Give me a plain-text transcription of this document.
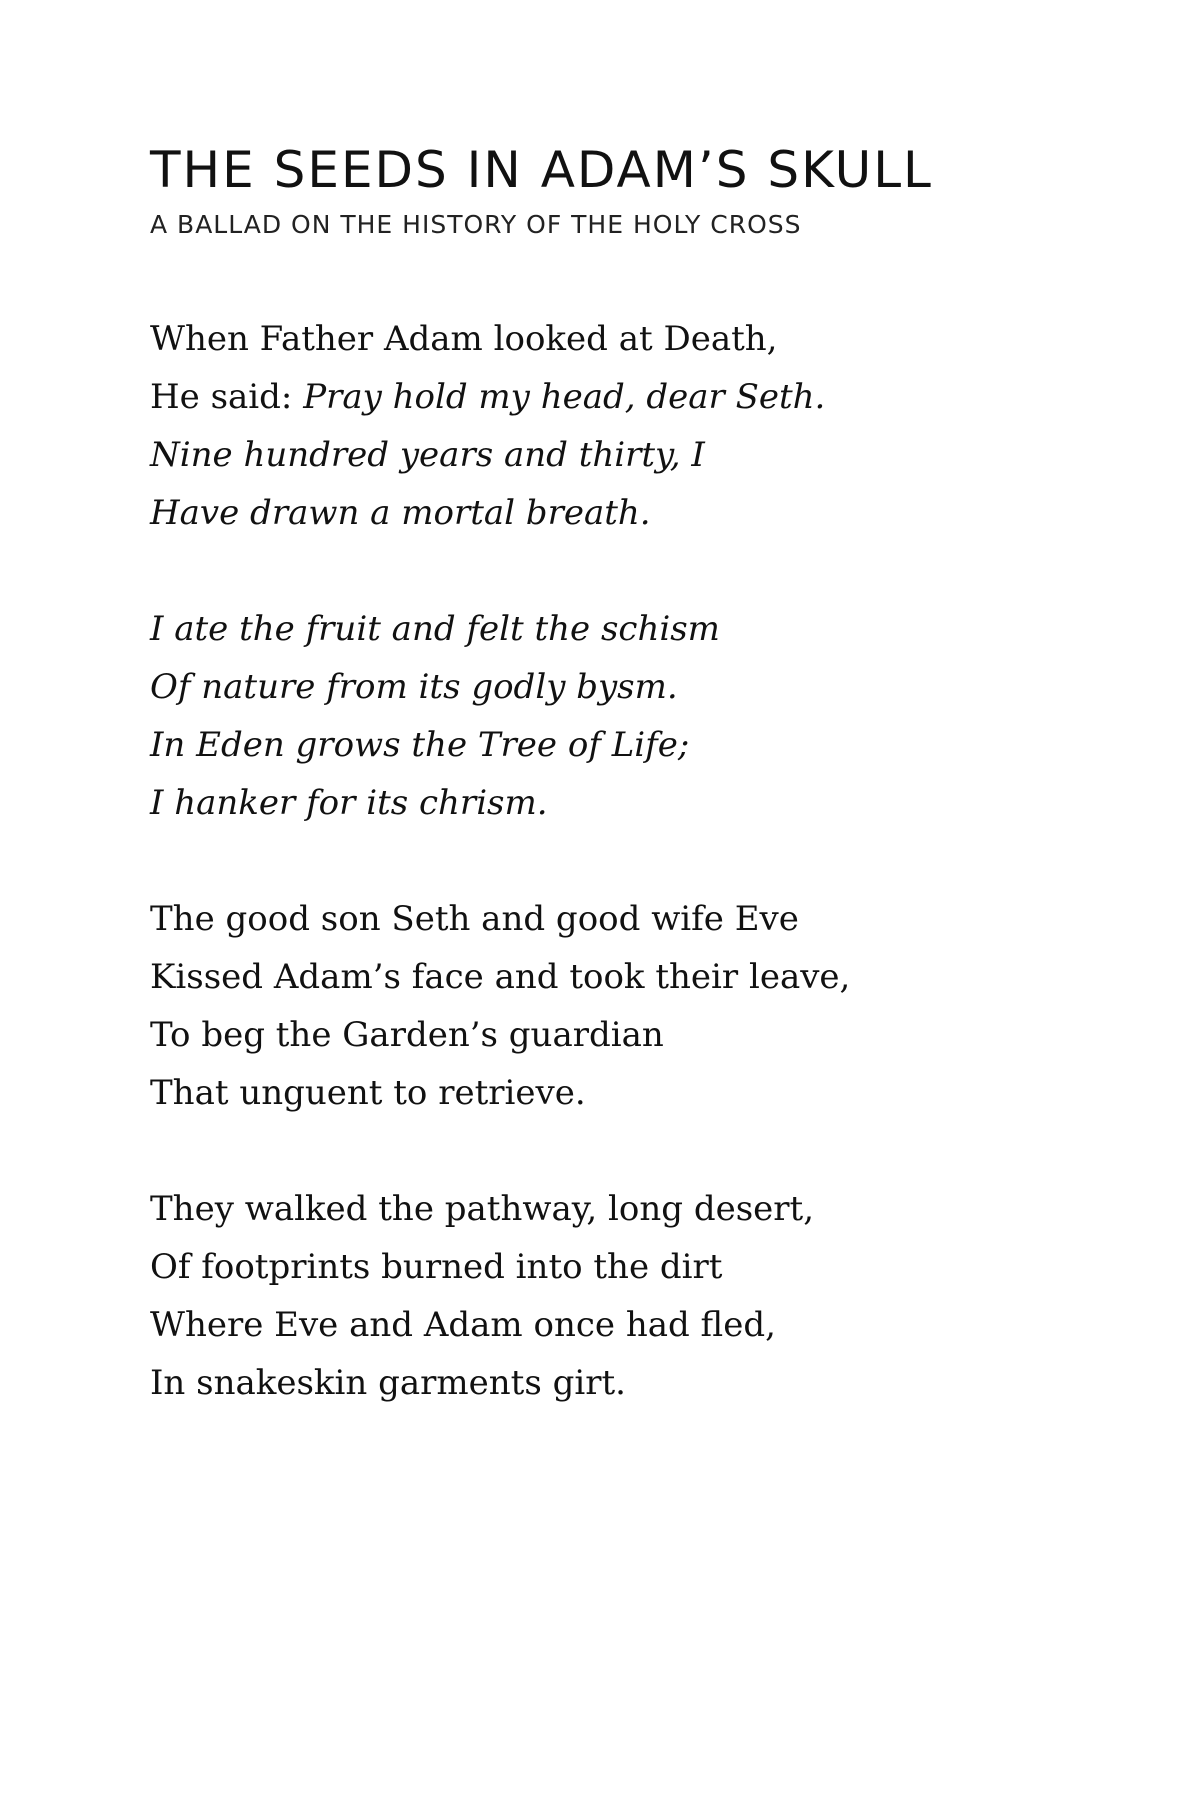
THE SEEDS IN ADAM’S SKULL
A BALLAD ON THE HISTORY OF THE HOLY CROSS
When Father Adam looked at Death,
He said: Pray hold my head, dear Seth.
Nine hundred years and thirty, I
Have drawn a mortal breath.
I ate the fruit and felt the schism
Of nature from its godly bysm.
In Eden grows the Tree of Life;
I hanker for its chrism.
The good son Seth and good wife Eve
Kissed Adam’s face and took their leave,
To beg the Garden’s guardian
That unguent to retrieve.
They walked the pathway, long desert,
Of footprints burned into the dirt
Where Eve and Adam once had fled,
In snakeskin garments girt.
